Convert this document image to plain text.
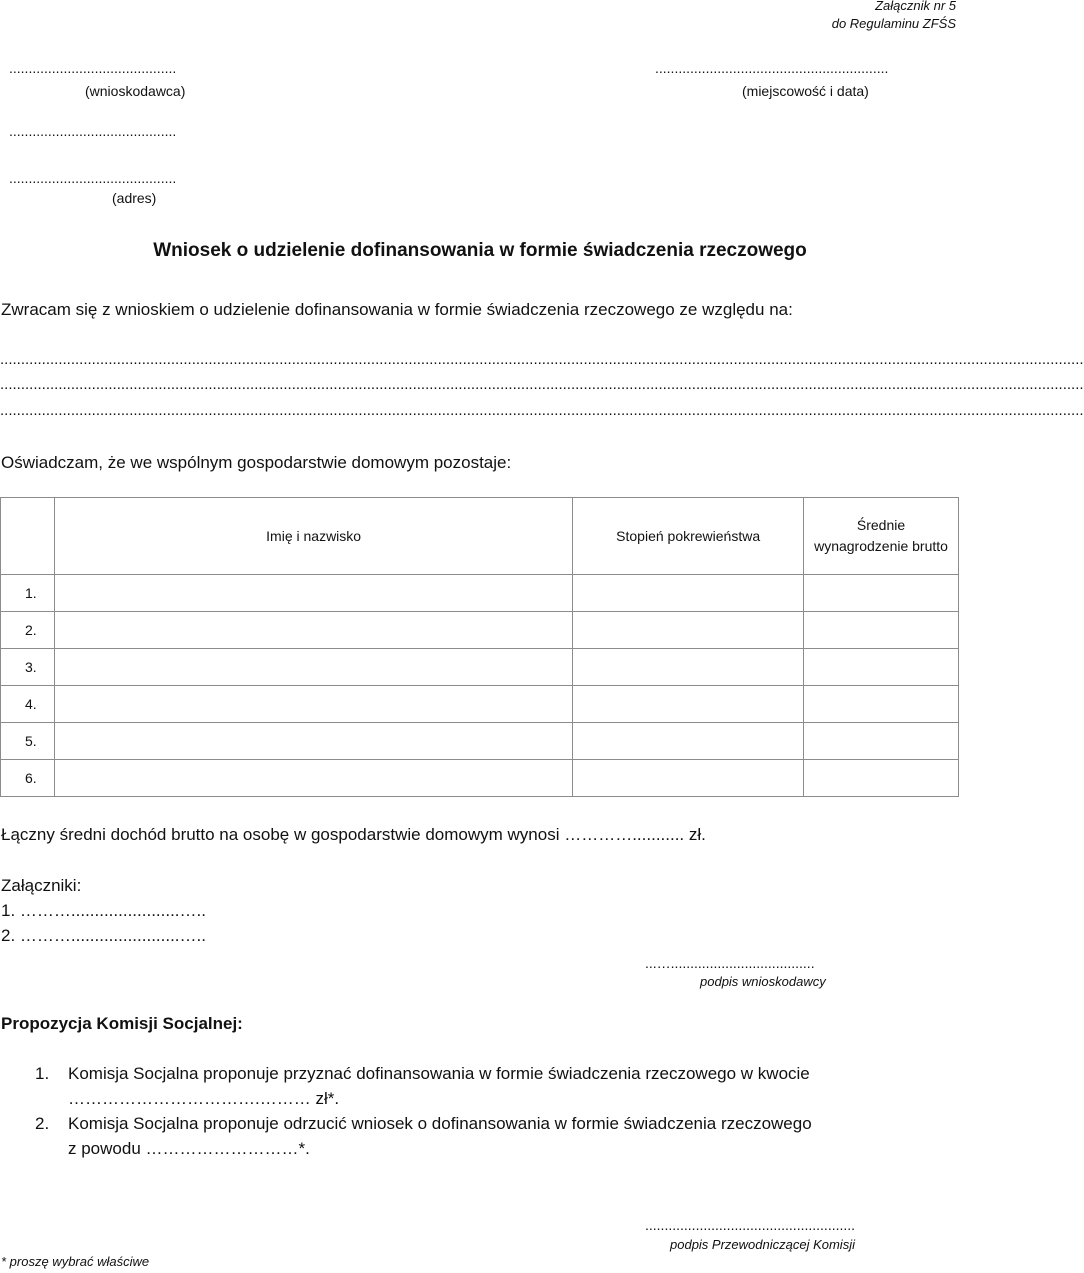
Załącznik nr 5
do Regulaminu ZFŚS
...........................................
(wnioskodawca)
............................................................
(miejscowość i data)
...........................................
...........................................
(adres)
Wniosek o udzielenie dofinansowania w formie świadczenia rzeczowego
Zwracam się z wnioskiem o udzielenie dofinansowania w formie świadczenia rzeczowego ze względu na:
....................................................................................................................................................................................................................................................................
....................................................................................................................................................................................................................................................................
....................................................................................................................................................................................................................................................................
Oświadczam, że we wspólnym gospodarstwie domowym pozostaje:
	Imię i nazwisko	Stopień pokrewieństwa	Średnie wynagrodzenie brutto
1.			
2.			
3.			
4.			
5.			
6.			
Łączny średni dochód brutto na osobę w gospodarstwie domowym wynosi …………........... zł.
Załączniki:
1. ……….......................…..
2. ……….......................…..
...….....................................
podpis wnioskodawcy
Propozycja Komisji Socjalnej:
1. Komisja Socjalna proponuje przyznać dofinansowania w formie świadczenia rzeczowego w kwocie
…………………………….……… zł*.
2. Komisja Socjalna proponuje odrzucić wniosek o dofinansowania w formie świadczenia rzeczowego
z powodu ………………………*.
......................................................
podpis Przewodniczącej Komisji
* proszę wybrać właściwe
